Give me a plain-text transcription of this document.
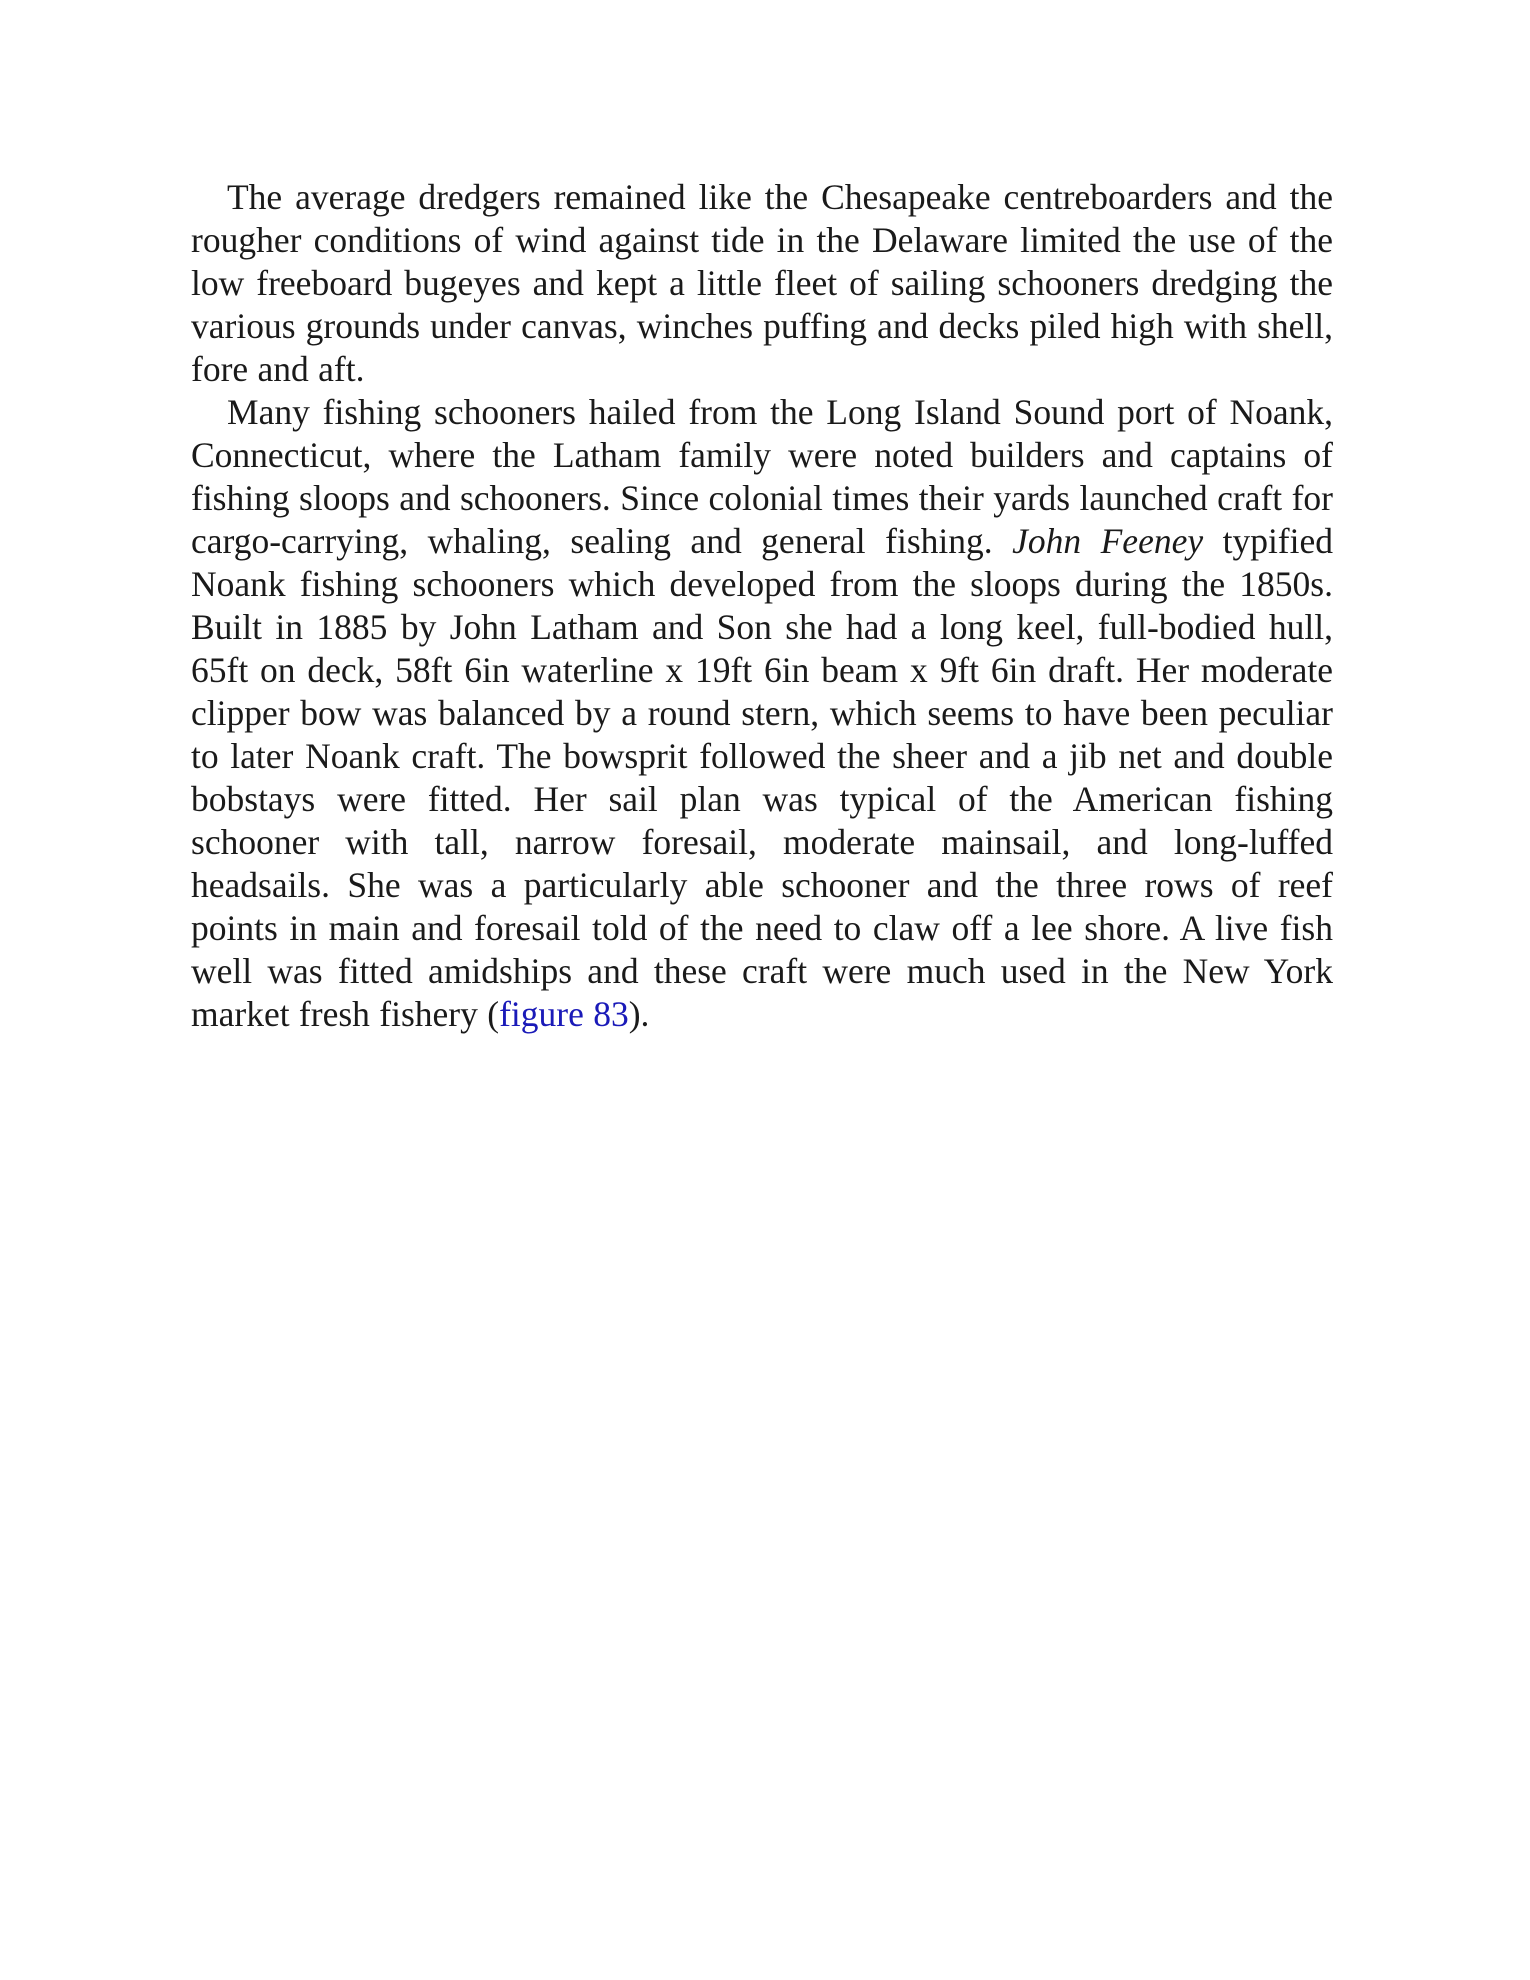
The average dredgers remained like the Chesapeake centreboarders and the rougher conditions of wind against tide in the Delaware limited the use of the low freeboard bugeyes and kept a little fleet of sailing schooners dredging the various grounds under canvas, winches puffing and decks piled high with shell, fore and aft.

Many fishing schooners hailed from the Long Island Sound port of Noank, Connecticut, where the Latham family were noted builders and captains of fishing sloops and schooners. Since colonial times their yards launched craft for cargo-carrying, whaling, sealing and general fishing. John Feeney typified Noank fishing schooners which developed from the sloops during the 1850s. Built in 1885 by John Latham and Son she had a long keel, full-bodied hull, 65ft on deck, 58ft 6in waterline x 19ft 6in beam x 9ft 6in draft. Her moderate clipper bow was balanced by a round stern, which seems to have been peculiar to later Noank craft. The bowsprit followed the sheer and a jib net and double bobstays were fitted. Her sail plan was typical of the American fishing schooner with tall, narrow foresail, moderate mainsail, and long-luffed headsails. She was a particularly able schooner and the three rows of reef points in main and foresail told of the need to claw off a lee shore. A live fish well was fitted amidships and these craft were much used in the New York market fresh fishery (figure 83).
